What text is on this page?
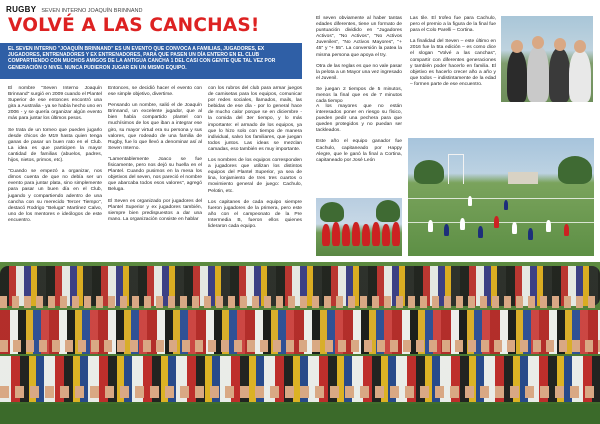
RUGBY SEVEN INTERNO JOAQUÍN BRINNAND
VOLVÉ A LAS CANCHAS!
EL SEVEN INTERNO "JOAQUÍN BRINNAND" ES UN EVENTO QUE CONVOCA A FAMILIAS, JUGADORES, EX JUGADORES, ENTRENADORES Y EX ENTRENADORES, PARA QUE PASEN UN DÍA ENTERO EN EL CLUB COMPARTIENDO CON MUCHOS AMIGOS DE LA ANTIGUA CANCHA 1 DEL CASI CON GENTE QUE TAL VEZ POR GENERACIÓN O NIVEL NUNCA PUDIERON JUGAR EN UN MISMO EQUIPO.

El nombre "Seven Interno Joaquín Brinnand" surgió en 2009 cuando el Plantel Superior de ese entonces encontró una gira a Australia - ya se había hecho uno en 2006 - y se quería organizar algún evento más para juntar los últimos pesos.

Se trata de un torneo que pueden jugarlo desde chicos de M19 hasta quien tenga ganas de pasar un buen rato en el Club. La idea es que participen la mayor cantidad de familias (abuelos, padres, hijos, nietos, primos, etc).

"Cuando se empezó a organizar, nos dimos cuenta de que no debía ser un evento para juntar plata, sino simplemente para pasar un buen día en el Club, jugando y compartiendo adentro de una cancha con su merecido Tercer Tiempo", destacó Rodrigo "Beluga" Martínez Calvo, uno de los mentores e ideólogos de este encuentro.

Entonces, se decidió hacer el evento con ese simple objetivo, divertirse.

Pensando un nombre, salió el de Joaquín Brinnand, un excelente jugador, que al bien había compartido plantel con muchísimos de los que iban a integrar ese giro, su mayor virtud era su persona y sus valores, que rodeado de una familia de Rugby, fue lo que llevó a denominar así al Seven Interno.

"Lamentablemente Joaco se fue fisicamente, pero nos dejó su huella en el Plantel. Cuando pusimos en la mesa los objetivos del seven, nos pareció el nombre que abarcaba todos esos valores", agregó Beluga.

El Seven es organizado por jugadores del Plantel Superior y ex jugadores también, siempre bien predispuestos a dar una mano. La organización consiste en hablar

con los rubros del club para armar juegos de camisetas para los equipos, comunicar por redes sociales, llamados, mails, las bebidas de ese día - por lo general hace de mucho calor porque se en diciembre - la comida del 3er tiempo, y lo más importante: el armado de los equipos, ya que lo hizo solo con tiempo de manera individual, salvo los familiares, que juegan todos juntos. Las ideas se mezclan camadas, eso también es muy importante.

Los nombres de los equipos corresponden a jugadores que utilizan los distintos equipos del Plantel Superior, ya sea de lina, lonjamiento de tres tres cuartos o movimiento general de juego: Cachulo, Pelotin, etc.

Los capitanes de cada equipo siempre fueron jugadores de la primera, pero este año con el campeonato de la Pre Intermedia B, fueron ellos quienes lideraron cada equipo.

El seven obviamente al haber tantas edades diferentes, tiene un formato de puntuación dividido en "Jugadores Activos", "No Activos", "No Activos Juveniles", "No Activos Mayores", "+ 45" y "+ 55". La conversión la patea la misma persona que apoya el try.

Otra de las reglas es que no vale pasar la pelota a un Mayor una vez ingresado el Juvenil.

Se juegan 2 tiempos de 5 minutos, menos la final que es de 7 minutos cada tiempo

Las tile. El trofeo fue para Cachulo, pero el premio a la figura de la final fue para el Colo Parelli – Cortina.

La finalidad del Seven – este último en 2016 fue la 5ta edición – es como dice el slogan "Volvé a las canchas", compartir con diferentes generaciones y también poder hacerlo en familia. El objetivo es hacerlo crecer año a año y que todos – indistintamente de la edad – formen parte de ese encuentro.

A los mayores que no están interesados poner en riesgo su físico, pueden pedir una pechera para que queden protegidos y no puedan ser tackleados.

Este año el equipo ganador fue Cachulo, capitaneado por Happy Alegre, que le ganó la final a Cortina, capitaneado por José León
